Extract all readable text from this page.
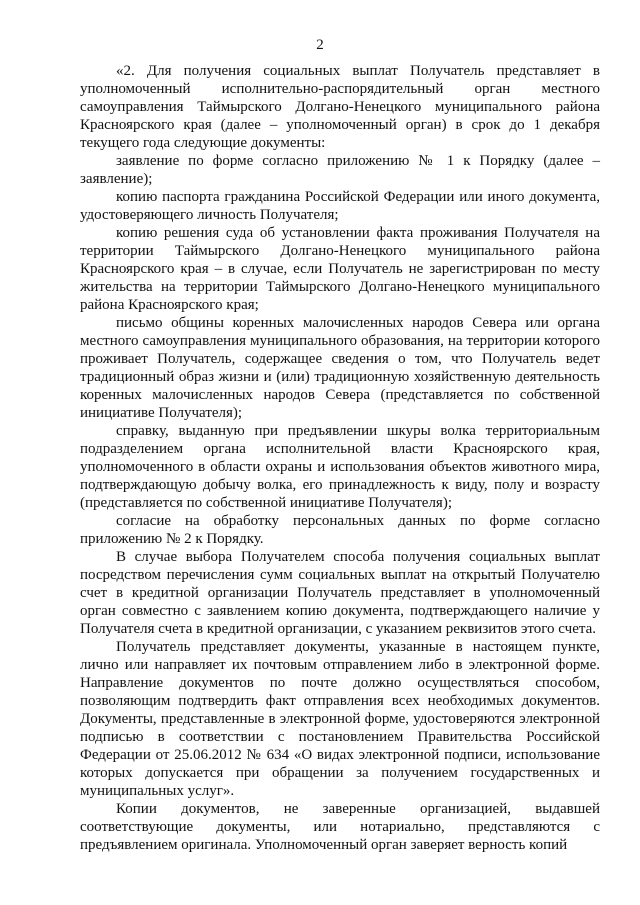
2

«2. Для получения социальных выплат Получатель представляет в уполномоченный исполнительно-распорядительный орган местного самоуправления Таймырского Долгано-Ненецкого муниципального района Красноярского края (далее – уполномоченный орган) в срок до 1 декабря текущего года следующие документы:

заявление по форме согласно приложению № 1 к Порядку (далее – заявление);

копию паспорта гражданина Российской Федерации или иного документа, удостоверяющего личность Получателя;

копию решения суда об установлении факта проживания Получателя на территории Таймырского Долгано-Ненецкого муниципального района Красноярского края – в случае, если Получатель не зарегистрирован по месту жительства на территории Таймырского Долгано-Ненецкого муниципального района Красноярского края;

письмо общины коренных малочисленных народов Севера или органа местного самоуправления муниципального образования, на территории которого проживает Получатель, содержащее сведения о том, что Получатель ведет традиционный образ жизни и (или) традиционную хозяйственную деятельность коренных малочисленных народов Севера (представляется по собственной инициативе Получателя);

справку, выданную при предъявлении шкуры волка территориальным подразделением органа исполнительной власти Красноярского края, уполномоченного в области охраны и использования объектов животного мира, подтверждающую добычу волка, его принадлежность к виду, полу и возрасту (представляется по собственной инициативе Получателя);

согласие на обработку персональных данных по форме согласно приложению № 2 к Порядку.

В случае выбора Получателем способа получения социальных выплат посредством перечисления сумм социальных выплат на открытый Получателю счет в кредитной организации Получатель представляет в уполномоченный орган совместно с заявлением копию документа, подтверждающего наличие у Получателя счета в кредитной организации, с указанием реквизитов этого счета.

Получатель представляет документы, указанные в настоящем пункте, лично или направляет их почтовым отправлением либо в электронной форме. Направление документов по почте должно осуществляться способом, позволяющим подтвердить факт отправления всех необходимых документов. Документы, представленные в электронной форме, удостоверяются электронной подписью в соответствии с постановлением Правительства Российской Федерации от 25.06.2012 № 634 «О видах электронной подписи, использование которых допускается при обращении за получением государственных и муниципальных услуг».

Копии документов, не заверенные организацией, выдавшей соответствующие документы, или нотариально, представляются с предъявлением оригинала. Уполномоченный орган заверяет верность копий
